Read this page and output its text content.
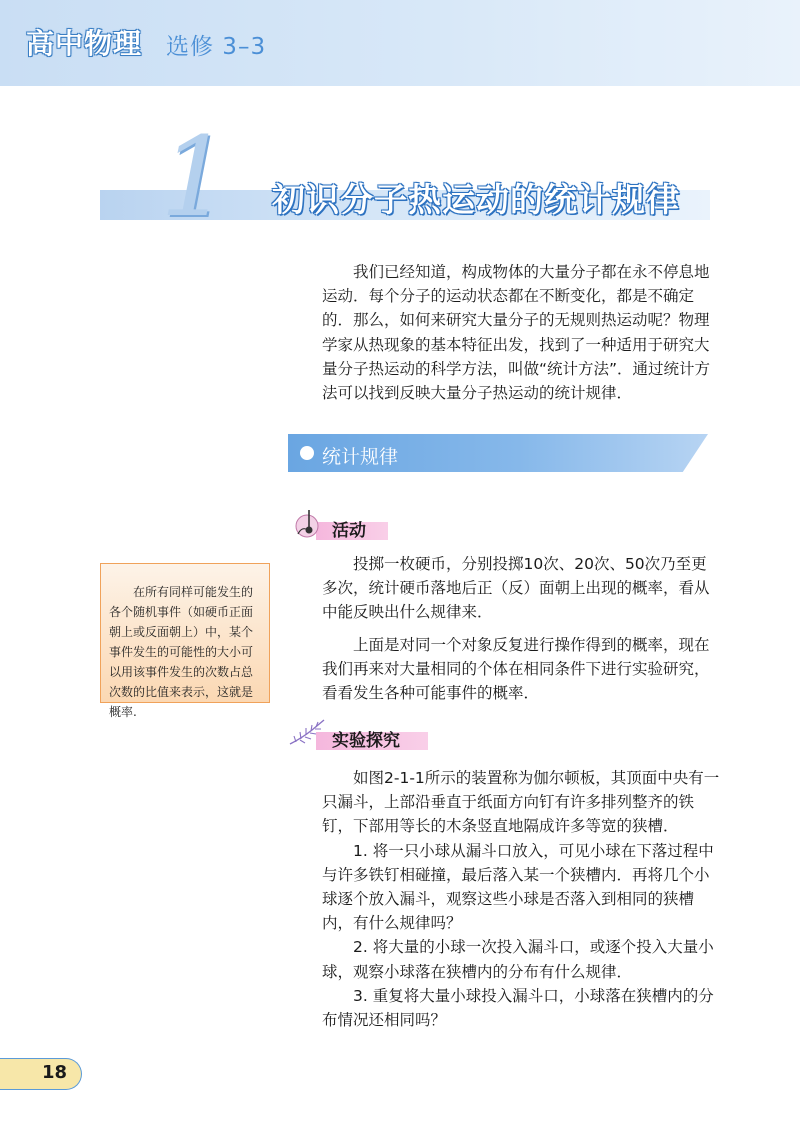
高中物理 选修 3–3
1 初识分子热运动的统计规律

我们已经知道，构成物体的大量分子都在永不停息地运动．每个分子的运动状态都在不断变化，都是不确定的．那么，如何来研究大量分子的无规则热运动呢？物理学家从热现象的基本特征出发，找到了一种适用于研究大量分子热运动的科学方法，叫做“统计方法”．通过统计方法可以找到反映大量分子热运动的统计规律．

统计规律
活动

投掷一枚硬币，分别投掷10次、20次、50次乃至更多次，统计硬币落地后正（反）面朝上出现的概率，看从中能反映出什么规律来．

上面是对同一个对象反复进行操作得到的概率，现在我们再来对大量相同的个体在相同条件下进行实验研究，看看发生各种可能事件的概率．

在所有同样可能发生的各个随机事件（如硬币正面朝上或反面朝上）中，某个事件发生的可能性的大小可以用该事件发生的次数占总次数的比值来表示，这就是概率.

实验探究

如图2-1-1所示的装置称为伽尔顿板，其顶面中央有一只漏斗，上部沿垂直于纸面方向钉有许多排列整齐的铁钉，下部用等长的木条竖直地隔成许多等宽的狭槽．

1. 将一只小球从漏斗口放入，可见小球在下落过程中与许多铁钉相碰撞，最后落入某一个狭槽内．再将几个小球逐个放入漏斗，观察这些小球是否落入到相同的狭槽内，有什么规律吗？

2. 将大量的小球一次投入漏斗口，或逐个投入大量小球，观察小球落在狭槽内的分布有什么规律．

3. 重复将大量小球投入漏斗口，小球落在狭槽内的分布情况还相同吗？

18
